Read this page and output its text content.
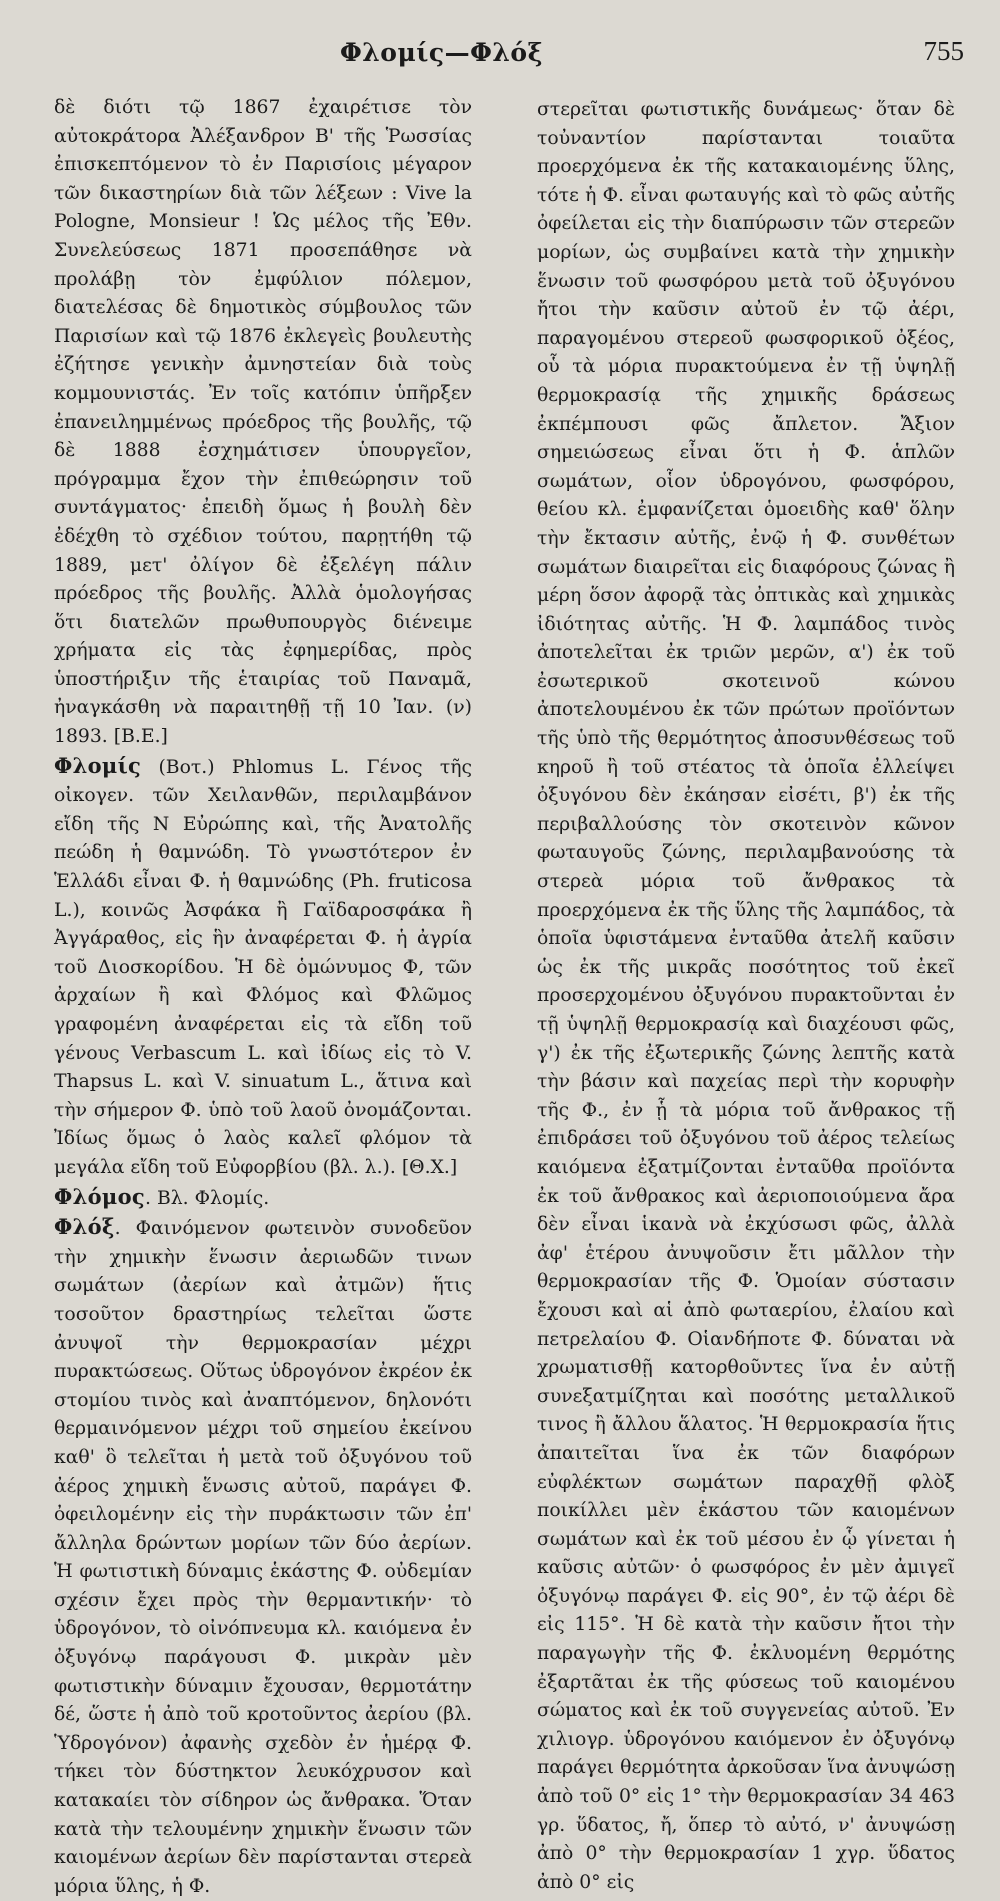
Φλομίς—Φλόξ	755

δὲ διότι τῷ 1867 ἐχαιρέτισε τὸν αὐτοκράτορα Ἀλέξανδρον Β' τῆς Ῥωσσίας ἐπισκεπτόμενον τὸ ἐν Παρισίοις μέγαρον τῶν δικαστηρίων διὰ τῶν λέξεων : Vive la Pologne, Monsieur ! Ὡς μέλος τῆς Ἐθν. Συνελεύσεως 1871 προσεπάθησε νὰ προλάβῃ τὸν ἐμφύλιον πόλεμον, διατελέσας δὲ δημοτικὸς σύμβουλος τῶν Παρισίων καὶ τῷ 1876 ἐκλεγεὶς βουλευτὴς ἐζήτησε γενικὴν ἀμνηστείαν διὰ τοὺς κομμουνιστάς. Ἐν τοῖς κατόπιν ὑπῆρξεν ἐπανειλημμένως πρόεδρος τῆς βουλῆς, τῷ δὲ 1888 ἐσχημάτισεν ὑπουργεῖον, πρόγραμμα ἔχον τὴν ἐπιθεώρησιν τοῦ συντάγματος· ἐπειδὴ ὅμως ἡ βουλὴ δὲν ἐδέχθη τὸ σχέδιον τούτου, παρῃτήθη τῷ 1889, μετ' ὀλίγον δὲ ἐξελέγη πάλιν πρόεδρος τῆς βουλῆς. Ἀλλὰ ὁμολογήσας ὅτι διατελῶν πρωθυπουργὸς διένειμε χρήματα εἰς τὰς ἐφημερίδας, πρὸς ὑποστήριξιν τῆς ἑταιρίας τοῦ Παναμᾶ, ἠναγκάσθη νὰ παραιτηθῇ τῇ 10 Ἰαν. (ν) 1893. [Β.Ε.]

Φλομίς (Βοτ.) Phlomus L. Γένος τῆς οἰκογεν. τῶν Χειλανθῶν, περιλαμβάνον εἴδη τῆς Ν Εὐρώπης καὶ, τῆς Ἀνατολῆς πεώδη ἡ θαμνώδη. Τὸ γνωστότερον ἐν Ἑλλάδι εἶναι Φ. ἡ θαμνώδης (Ph. fruticosa L.), κοινῶς Ἀσφάκα ἢ Γαϊδαροσφάκα ἢ Ἀγγάραθος, εἰς ἣν ἀναφέρεται Φ. ἡ ἀγρία τοῦ Διοσκορίδου. Ἡ δὲ ὁμώνυμος Φ, τῶν ἀρχαίων ἢ καὶ Φλόμος καὶ Φλῶμος γραφομένη ἀναφέρεται εἰς τὰ εἴδη τοῦ γένους Verbascum L. καὶ ἰδίως εἰς τὸ V. Thapsus L. καὶ V. sinuatum L., ἅτινα καὶ τὴν σήμερον Φ. ὑπὸ τοῦ λαοῦ ὀνομάζονται. Ἰδίως ὅμως ὁ λαὸς καλεῖ φλόμον τὰ μεγάλα εἴδη τοῦ Εὐφορβίου (βλ. λ.). [Θ.Χ.]

Φλόμος. Βλ. Φλομίς.

Φλόξ. Φαινόμενον φωτεινὸν συνοδεῦον τὴν χημικὴν ἕνωσιν ἀεριωδῶν τινων σωμάτων (ἀερίων καὶ ἀτμῶν) ἥτις τοσοῦτον δραστηρίως τελεῖται ὥστε ἀνυψοῖ τὴν θερμοκρασίαν μέχρι πυρακτώσεως. Οὕτως ὑδρογόνον ἐκρέον ἐκ στομίου τινὸς καὶ ἀναπτόμενον, δηλονότι θερμαινόμενον μέχρι τοῦ σημείου ἐκείνου καθ' ὃ τελεῖται ἡ μετὰ τοῦ ὀξυγόνου τοῦ ἀέρος χημικὴ ἕνωσις αὐτοῦ, παράγει Φ. ὀφειλομένην εἰς τὴν πυράκτωσιν τῶν ἐπ' ἄλληλα δρώντων μορίων τῶν δύο ἀερίων. Ἡ φωτιστικὴ δύναμις ἑκάστης Φ. οὐδεμίαν σχέσιν ἔχει πρὸς τὴν θερμαντικήν· τὸ ὑδρογόνον, τὸ οἰνόπνευμα κλ. καιόμενα ἐν ὀξυγόνῳ παράγουσι Φ. μικρὰν μὲν φωτιστικὴν δύναμιν ἔχουσαν, θερμοτάτην δέ, ὥστε ἡ ἀπὸ τοῦ κροτοῦντος ἀερίου (βλ. Ὑδρογόνον) ἀφανὴς σχεδὸν ἐν ἡμέρᾳ Φ. τήκει τὸν δύστηκτον λευκόχρυσον καὶ κατακαίει τὸν σίδηρον ὡς ἄνθρακα. Ὅταν κατὰ τὴν τελουμένην χημικὴν ἕνωσιν τῶν καιομένων ἀερίων δὲν παρίστανται στερεὰ μόρια ὕλης, ἡ Φ.

στερεῖται φωτιστικῆς δυνάμεως· ὅταν δὲ τοὐναντίον παρίστανται τοιαῦτα προερχόμενα ἐκ τῆς κατακαιομένης ὕλης, τότε ἡ Φ. εἶναι φωταυγής καὶ τὸ φῶς αὐτῆς ὀφείλεται εἰς τὴν διαπύρωσιν τῶν στερεῶν μορίων, ὡς συμβαίνει κατὰ τὴν χημικὴν ἕνωσιν τοῦ φωσφόρου μετὰ τοῦ ὀξυγόνου ἤτοι τὴν καῦσιν αὐτοῦ ἐν τῷ ἀέρι, παραγομένου στερεοῦ φωσφορικοῦ ὀξέος, οὗ τὰ μόρια πυρακτούμενα ἐν τῇ ὑψηλῇ θερμοκρασίᾳ τῆς χημικῆς δράσεως ἐκπέμπουσι φῶς ἄπλετον. Ἄξιον σημειώσεως εἶναι ὅτι ἡ Φ. ἁπλῶν σωμάτων, οἷον ὑδρογόνου, φωσφόρου, θείου κλ. ἐμφανίζεται ὁμοειδὴς καθ' ὅλην τὴν ἔκτασιν αὐτῆς, ἐνῷ ἡ Φ. συνθέτων σωμάτων διαιρεῖται εἰς διαφόρους ζώνας ἢ μέρη ὅσον ἀφορᾷ τὰς ὀπτικὰς καὶ χημικὰς ἰδιότητας αὐτῆς. Ἡ Φ. λαμπάδος τινὸς ἀποτελεῖται ἐκ τριῶν μερῶν, α') ἐκ τοῦ ἐσωτερικοῦ σκοτεινοῦ κώνου ἀποτελουμένου ἐκ τῶν πρώτων προϊόντων τῆς ὑπὸ τῆς θερμότητος ἀποσυνθέσεως τοῦ κηροῦ ἢ τοῦ στέατος τὰ ὁποῖα ἐλλείψει ὀξυγόνου δὲν ἐκάησαν εἰσέτι, β') ἐκ τῆς περιβαλλούσης τὸν σκοτεινὸν κῶνον φωταυγοῦς ζώνης, περιλαμβανούσης τὰ στερεὰ μόρια τοῦ ἄνθρακος τὰ προερχόμενα ἐκ τῆς ὕλης τῆς λαμπάδος, τὰ ὁποῖα ὑφιστάμενα ἐνταῦθα ἀτελῆ καῦσιν ὡς ἐκ τῆς μικρᾶς ποσότητος τοῦ ἐκεῖ προσερχομένου ὀξυγόνου πυρακτοῦνται ἐν τῇ ὑψηλῇ θερμοκρασίᾳ καὶ διαχέουσι φῶς, γ') ἐκ τῆς ἐξωτερικῆς ζώνης λεπτῆς κατὰ τὴν βάσιν καὶ παχείας περὶ τὴν κορυφὴν τῆς Φ., ἐν ᾗ τὰ μόρια τοῦ ἄνθρακος τῇ ἐπιδράσει τοῦ ὀξυγόνου τοῦ ἀέρος τελείως καιόμενα ἐξατμίζονται ἐνταῦθα προϊόντα ἐκ τοῦ ἄνθρακος καὶ ἀεριοποιούμενα ἄρα δὲν εἶναι ἱκανὰ νὰ ἐκχύσωσι φῶς, ἀλλὰ ἀφ' ἑτέρου ἀνυψοῦσιν ἔτι μᾶλλον τὴν θερμοκρασίαν τῆς Φ. Ὁμοίαν σύστασιν ἔχουσι καὶ αἱ ἀπὸ φωταερίου, ἐλαίου καὶ πετρελαίου Φ. Οἱανδήποτε Φ. δύναται νὰ χρωματισθῇ κατορθοῦντες ἵνα ἐν αὐτῇ συνεξατμίζηται καὶ ποσότης μεταλλικοῦ τινος ἢ ἄλλου ἅλατος. Ἡ θερμοκρασία ἥτις ἀπαιτεῖται ἵνα ἐκ τῶν διαφόρων εὐφλέκτων σωμάτων παραχθῇ φλὸξ ποικίλλει μὲν ἑκάστου τῶν καιομένων σωμάτων καὶ ἐκ τοῦ μέσου ἐν ᾧ γίνεται ἡ καῦσις αὐτῶν· ὁ φωσφόρος ἐν μὲν ἀμιγεῖ ὀξυγόνῳ παράγει Φ. εἰς 90°, ἐν τῷ ἀέρι δὲ εἰς 115°. Ἡ δὲ κατὰ τὴν καῦσιν ἤτοι τὴν παραγωγὴν τῆς Φ. ἐκλυομένη θερμότης ἐξαρτᾶται ἐκ τῆς φύσεως τοῦ καιομένου σώματος καὶ ἐκ τοῦ συγγενείας αὐτοῦ. Ἐν χιλιογρ. ὑδρογόνου καιόμενον ἐν ὀξυγόνῳ παράγει θερμότητα ἀρκοῦσαν ἵνα ἀνυψώσῃ ἀπὸ τοῦ 0° εἰς 1° τὴν θερμοκρασίαν 34 463 γρ. ὕδατος, ἤ, ὅπερ τὸ αὐτό, ν' ἀνυψώσῃ ἀπὸ 0° τὴν θερμοκρασίαν 1 χγρ. ὕδατος ἀπὸ 0° εἰς
